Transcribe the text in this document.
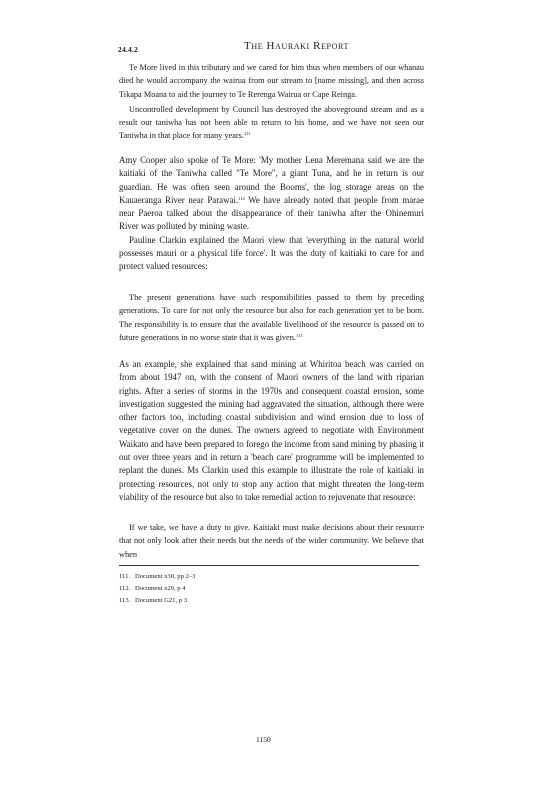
24.4.2	The Hauraki Report

Te More lived in this tributary and we cared for him thus when members of our whanau died he would accompany the wairua from our stream to [name missing], and then across Tikapa Moana to aid the journey to Te Rerenga Wairua or Cape Reinga.

Uncontrolled development by Council has destroyed the aboveground stream and as a result our taniwha has not been able to return to his home, and we have not seen our Taniwha in that place for many years.$^{111}$

Amy Cooper also spoke of Te More: 'My mother Lena Meremana said we are the kaitiaki of the Taniwha called "Te More", a giant Tuna, and he in return is our guardian. He was often seen around the Booms', the log storage areas on the Kauaeranga River near Parawai.$^{112}$ We have already noted that people from marae near Paeroa talked about the disappearance of their taniwha after the Ohinemuri River was polluted by mining waste.

Pauline Clarkin explained the Maori view that 'everything in the natural world possesses mauri or a physical life force'. It was the duty of kaitiaki to care for and protect valued resources:

The present generations have such responsibilities passed to them by preceding generations. To care for not only the resource but also for each generation yet to be born. The responsibility is to ensure that the available livelihood of the resource is passed on to future generations in no worse state that it was given.$^{113}$

As an example, she explained that sand mining at Whiritoa beach was carried on from about 1947 on, with the consent of Maori owners of the land with riparian rights. After a series of storms in the 1970s and consequent coastal erosion, some investigation suggested the mining had aggravated the situation, although there were other factors too, including coastal subdivision and wind erosion due to loss of vegetative cover on the dunes. The owners agreed to negotiate with Environment Waikato and have been prepared to forego the income from sand mining by phasing it out over three years and in return a 'beach care' programme will be implemented to replant the dunes. Ms Clarkin used this example to illustrate the role of kaitiaki in protecting resources, not only to stop any action that might threaten the long-term viability of the resource but also to take remedial action to rejuvenate that resource:

If we take, we have a duty to give. Kaitiaki must make decisions about their resource that not only look after their needs but the needs of the wider community. We believe that when

111. Document x30, pp 2–3
112. Document x29, p 4
113. Document G21, p 3
1150
